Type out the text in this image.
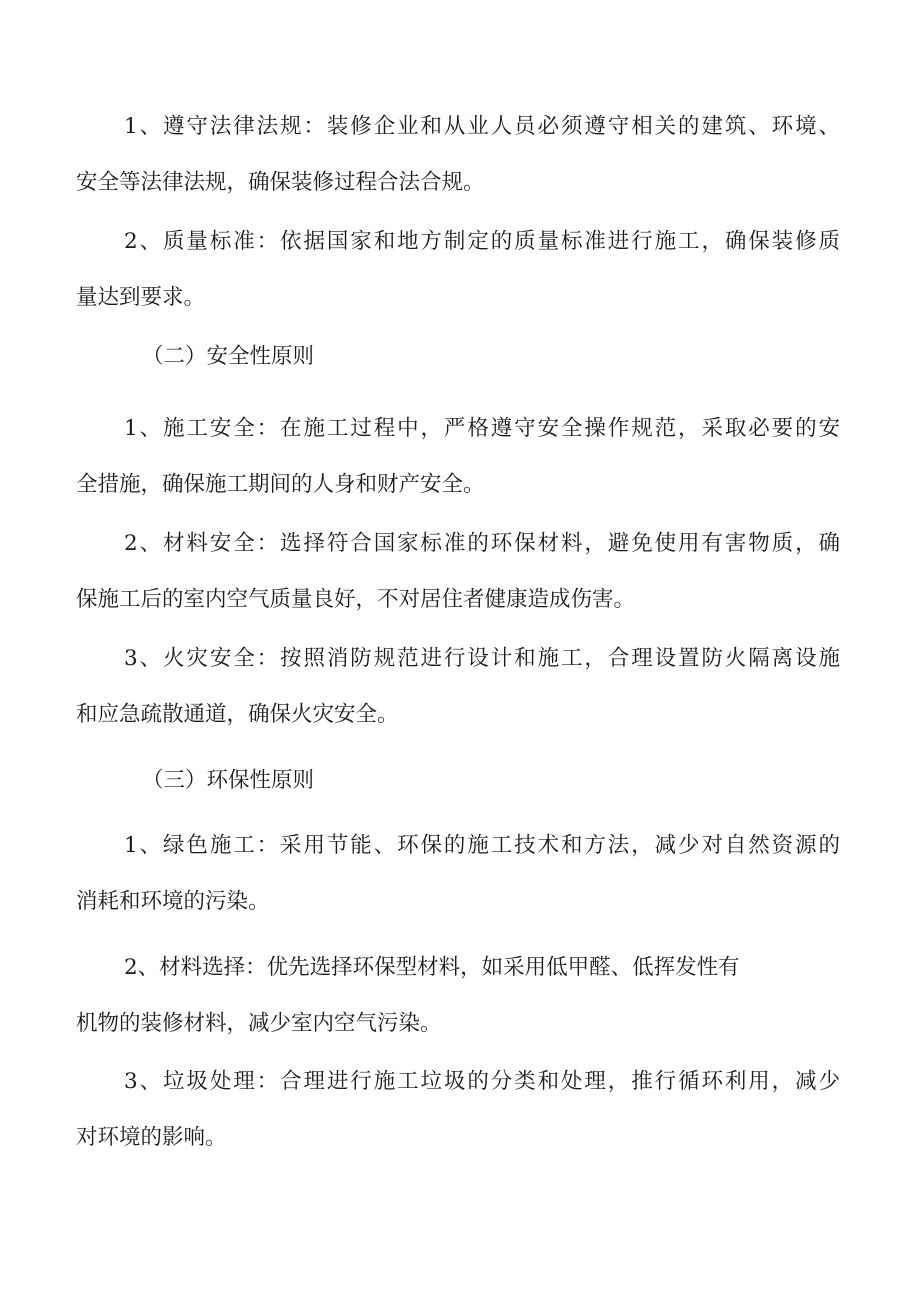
1、遵守法律法规：装修企业和从业人员必须遵守相关的建筑、环境、
安全等法律法规，确保装修过程合法合规。
2、质量标准：依据国家和地方制定的质量标准进行施工，确保装修质
量达到要求。
（二）安全性原则
1、施工安全：在施工过程中，严格遵守安全操作规范，采取必要的安
全措施，确保施工期间的人身和财产安全。
2、材料安全：选择符合国家标准的环保材料，避免使用有害物质，确
保施工后的室内空气质量良好，不对居住者健康造成伤害。
3、火灾安全：按照消防规范进行设计和施工，合理设置防火隔离设施
和应急疏散通道，确保火灾安全。
（三）环保性原则
1、绿色施工：采用节能、环保的施工技术和方法，减少对自然资源的
消耗和环境的污染。
2、材料选择：优先选择环保型材料，如采用低甲醛、低挥发性有
机物的装修材料，减少室内空气污染。
3、垃圾处理：合理进行施工垃圾的分类和处理，推行循环利用，减少
对环境的影响。
